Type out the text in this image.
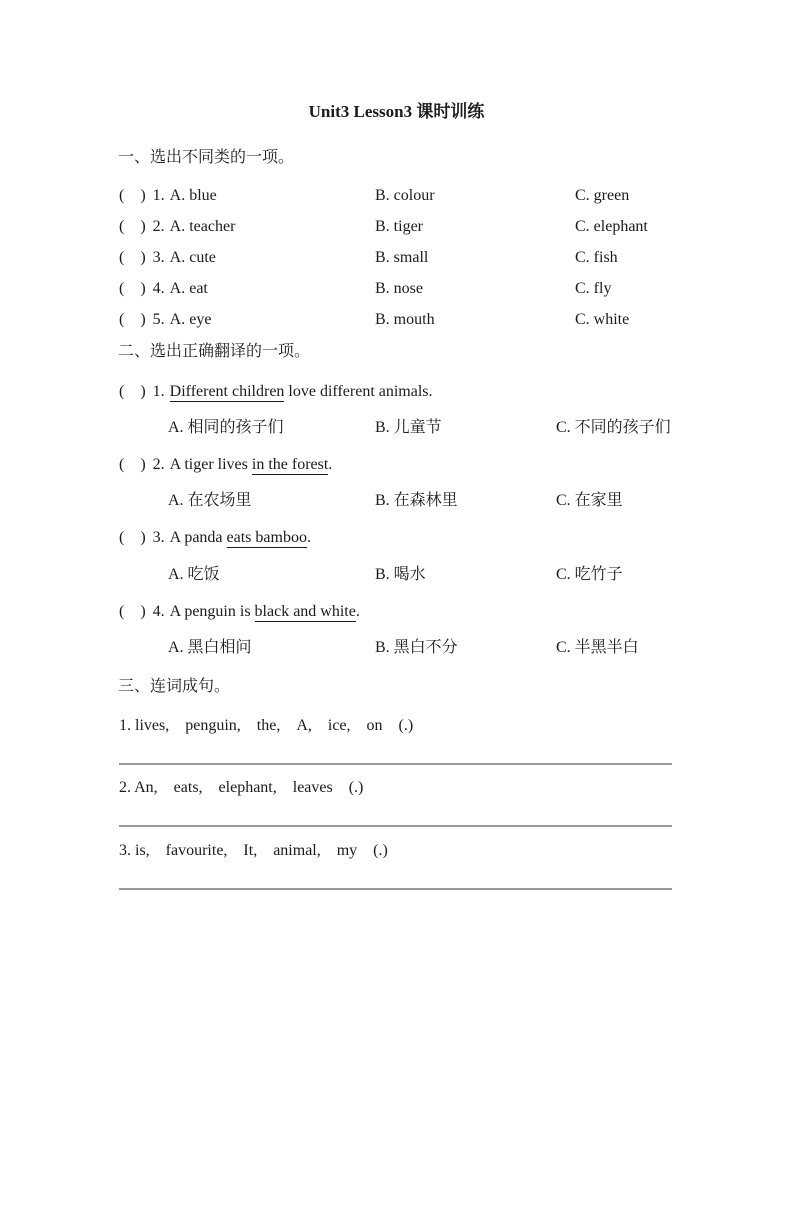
Unit3 Lesson3 课时训练
一、选出不同类的一项。
( ) 1. A. blue	B. colour	C. green
( ) 2. A. teacher	B. tiger	C. elephant
( ) 3. A. cute	B. small	C. fish
( ) 4. A. eat	B. nose	C. fly
( ) 5. A. eye	B. mouth	C. white
二、选出正确翻译的一项。
( ) 1. Different children love different animals.
A. 相同的孩子们	B. 儿童节	C. 不同的孩子们
( ) 2. A tiger lives in the forest.
A. 在农场里	B. 在森林里	C. 在家里
( ) 3. A panda eats bamboo.
A. 吃饭	B. 喝水	C. 吃竹子
( ) 4. A penguin is black and white.
A. 黑白相问	B. 黑白不分	C. 半黑半白
三、连词成句。
1. lives, penguin, the, A, ice, on (.)
2. An, eats, elephant, leaves (.)
3. is, favourite, It, animal, my (.)
